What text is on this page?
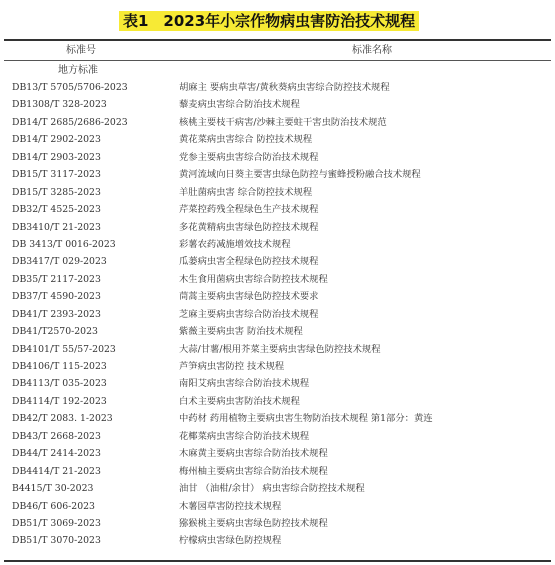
表1　2023年小宗作物病虫害防治技术规程
标准号	标准名称
地方标准
DB13/T 5705/5706-2023	胡麻主 要病虫草害/黄秋葵病虫害综合防控技术规程
DB1308/T 328-2023	藜麦病虫害综合防治技术规程
DB14/T 2685/2686-2023	核桃主要枝干病害/沙棘主要蛀干害虫防治技术规范
DB14/T 2902-2023	黄花菜病虫害综合 防控技术规程
DB14/T 2903-2023	党参主要病虫害综合防治技术规程
DB15/T 3117-2023	黄河流域向日葵主要害虫绿色防控与蜜蜂授粉融合技术规程
DB15/T 3285-2023	羊肚菌病虫害 综合防控技术规程
DB32/T 4525-2023	芹菜控药残全程绿色生产技术规程
DB3410/T 21-2023	多花黄精病虫害绿色防控技术规程
DB 3413/T 0016-2023	彩薯农药减施增效技术规程
DB3417/T 029-2023	瓜蒌病虫害全程绿色防控技术规程
DB35/T 2117-2023	木生食用菌病虫害综合防控技术规程
DB37/T 4590-2023	茼蒿主要病虫害绿色防控技术要求
DB41/T 2393-2023	芝麻主要病虫害综合防治技术规程
DB41/T2570-2023	紫薇主要病虫害 防治技术规程
DB4101/T 55/57-2023	大蒜/甘薯/根用芥菜主要病虫害绿色防控技术规程
DB4106/T 115-2023	芦笋病虫害防控 技术规程
DB4113/T 035-2023	南阳艾病虫害综合防治技术规程
DB4114/T 192-2023	白术主要病虫害防治技术规程
DB42/T 2083. 1-2023	中药材 药用植物主要病虫害生物防治技术规程 第1部分：黄连
DB43/T 2668-2023	花椰菜病虫害综合防治技术规程
DB44/T 2414-2023	木麻黄主要病虫害综合防治技术规程
DB4414/T 21-2023	梅州柚主要病虫害综合防治技术规程
B4415/T 30-2023	油甘 （油柑/余甘） 病虫害综合防控技术规程
DB46/T 606-2023	木薯园草害防控技术规程
DB51/T 3069-2023	猕猴桃主要病虫害绿色防控技术规程
DB51/T 3070-2023	柠檬病虫害绿色防控规程
